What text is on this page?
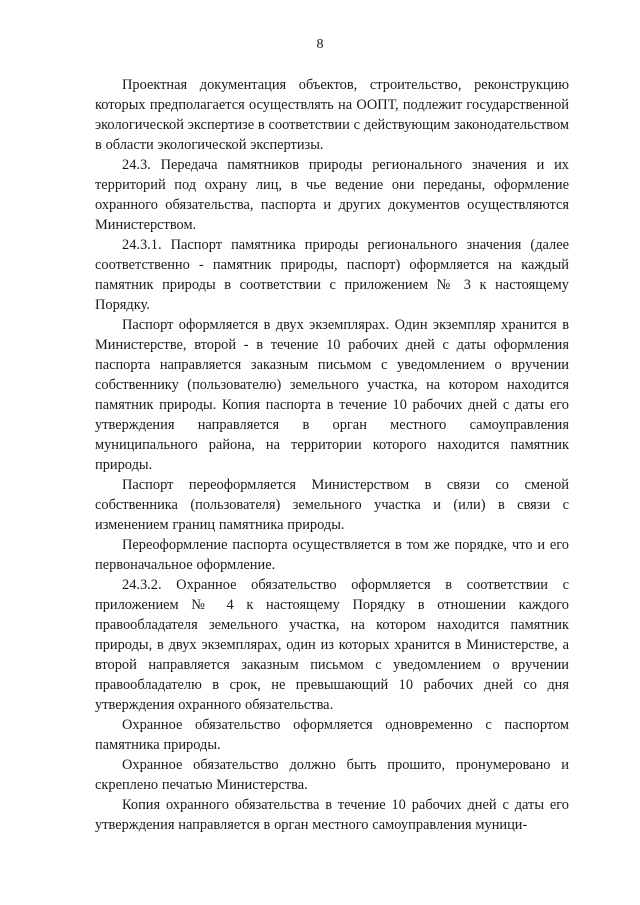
8

Проектная документация объектов, строительство, реконструкцию которых предполагается осуществлять на ООПТ, подлежит государственной экологической экспертизе в соответствии с действующим законодательством в области экологической экспертизы.

24.3. Передача памятников природы регионального значения и их территорий под охрану лиц, в чье ведение они переданы, оформление охранного обязательства, паспорта и других документов осуществляются Министерством.

24.3.1. Паспорт памятника природы регионального значения (далее соответственно - памятник природы, паспорт) оформляется на каждый памятник природы в соответствии с приложением № 3 к настоящему Порядку.

Паспорт оформляется в двух экземплярах. Один экземпляр хранится в Министерстве, второй - в течение 10 рабочих дней с даты оформления паспорта направляется заказным письмом с уведомлением о вручении собственнику (пользователю) земельного участка, на котором находится памятник природы. Копия паспорта в течение 10 рабочих дней с даты его утверждения направляется в орган местного самоуправления муниципального района, на территории которого находится памятник природы.

Паспорт переоформляется Министерством в связи со сменой собственника (пользователя) земельного участка и (или) в связи с изменением границ памятника природы.

Переоформление паспорта осуществляется в том же порядке, что и его первоначальное оформление.

24.3.2. Охранное обязательство оформляется в соответствии с приложением № 4 к настоящему Порядку в отношении каждого правообладателя земельного участка, на котором находится памятник природы, в двух экземплярах, один из которых хранится в Министерстве, а второй направляется заказным письмом с уведомлением о вручении правообладателю в срок, не превышающий 10 рабочих дней со дня утверждения охранного обязательства.

Охранное обязательство оформляется одновременно с паспортом памятника природы.

Охранное обязательство должно быть прошито, пронумеровано и скреплено печатью Министерства.

Копия охранного обязательства в течение 10 рабочих дней с даты его утверждения направляется в орган местного самоуправления муници-
